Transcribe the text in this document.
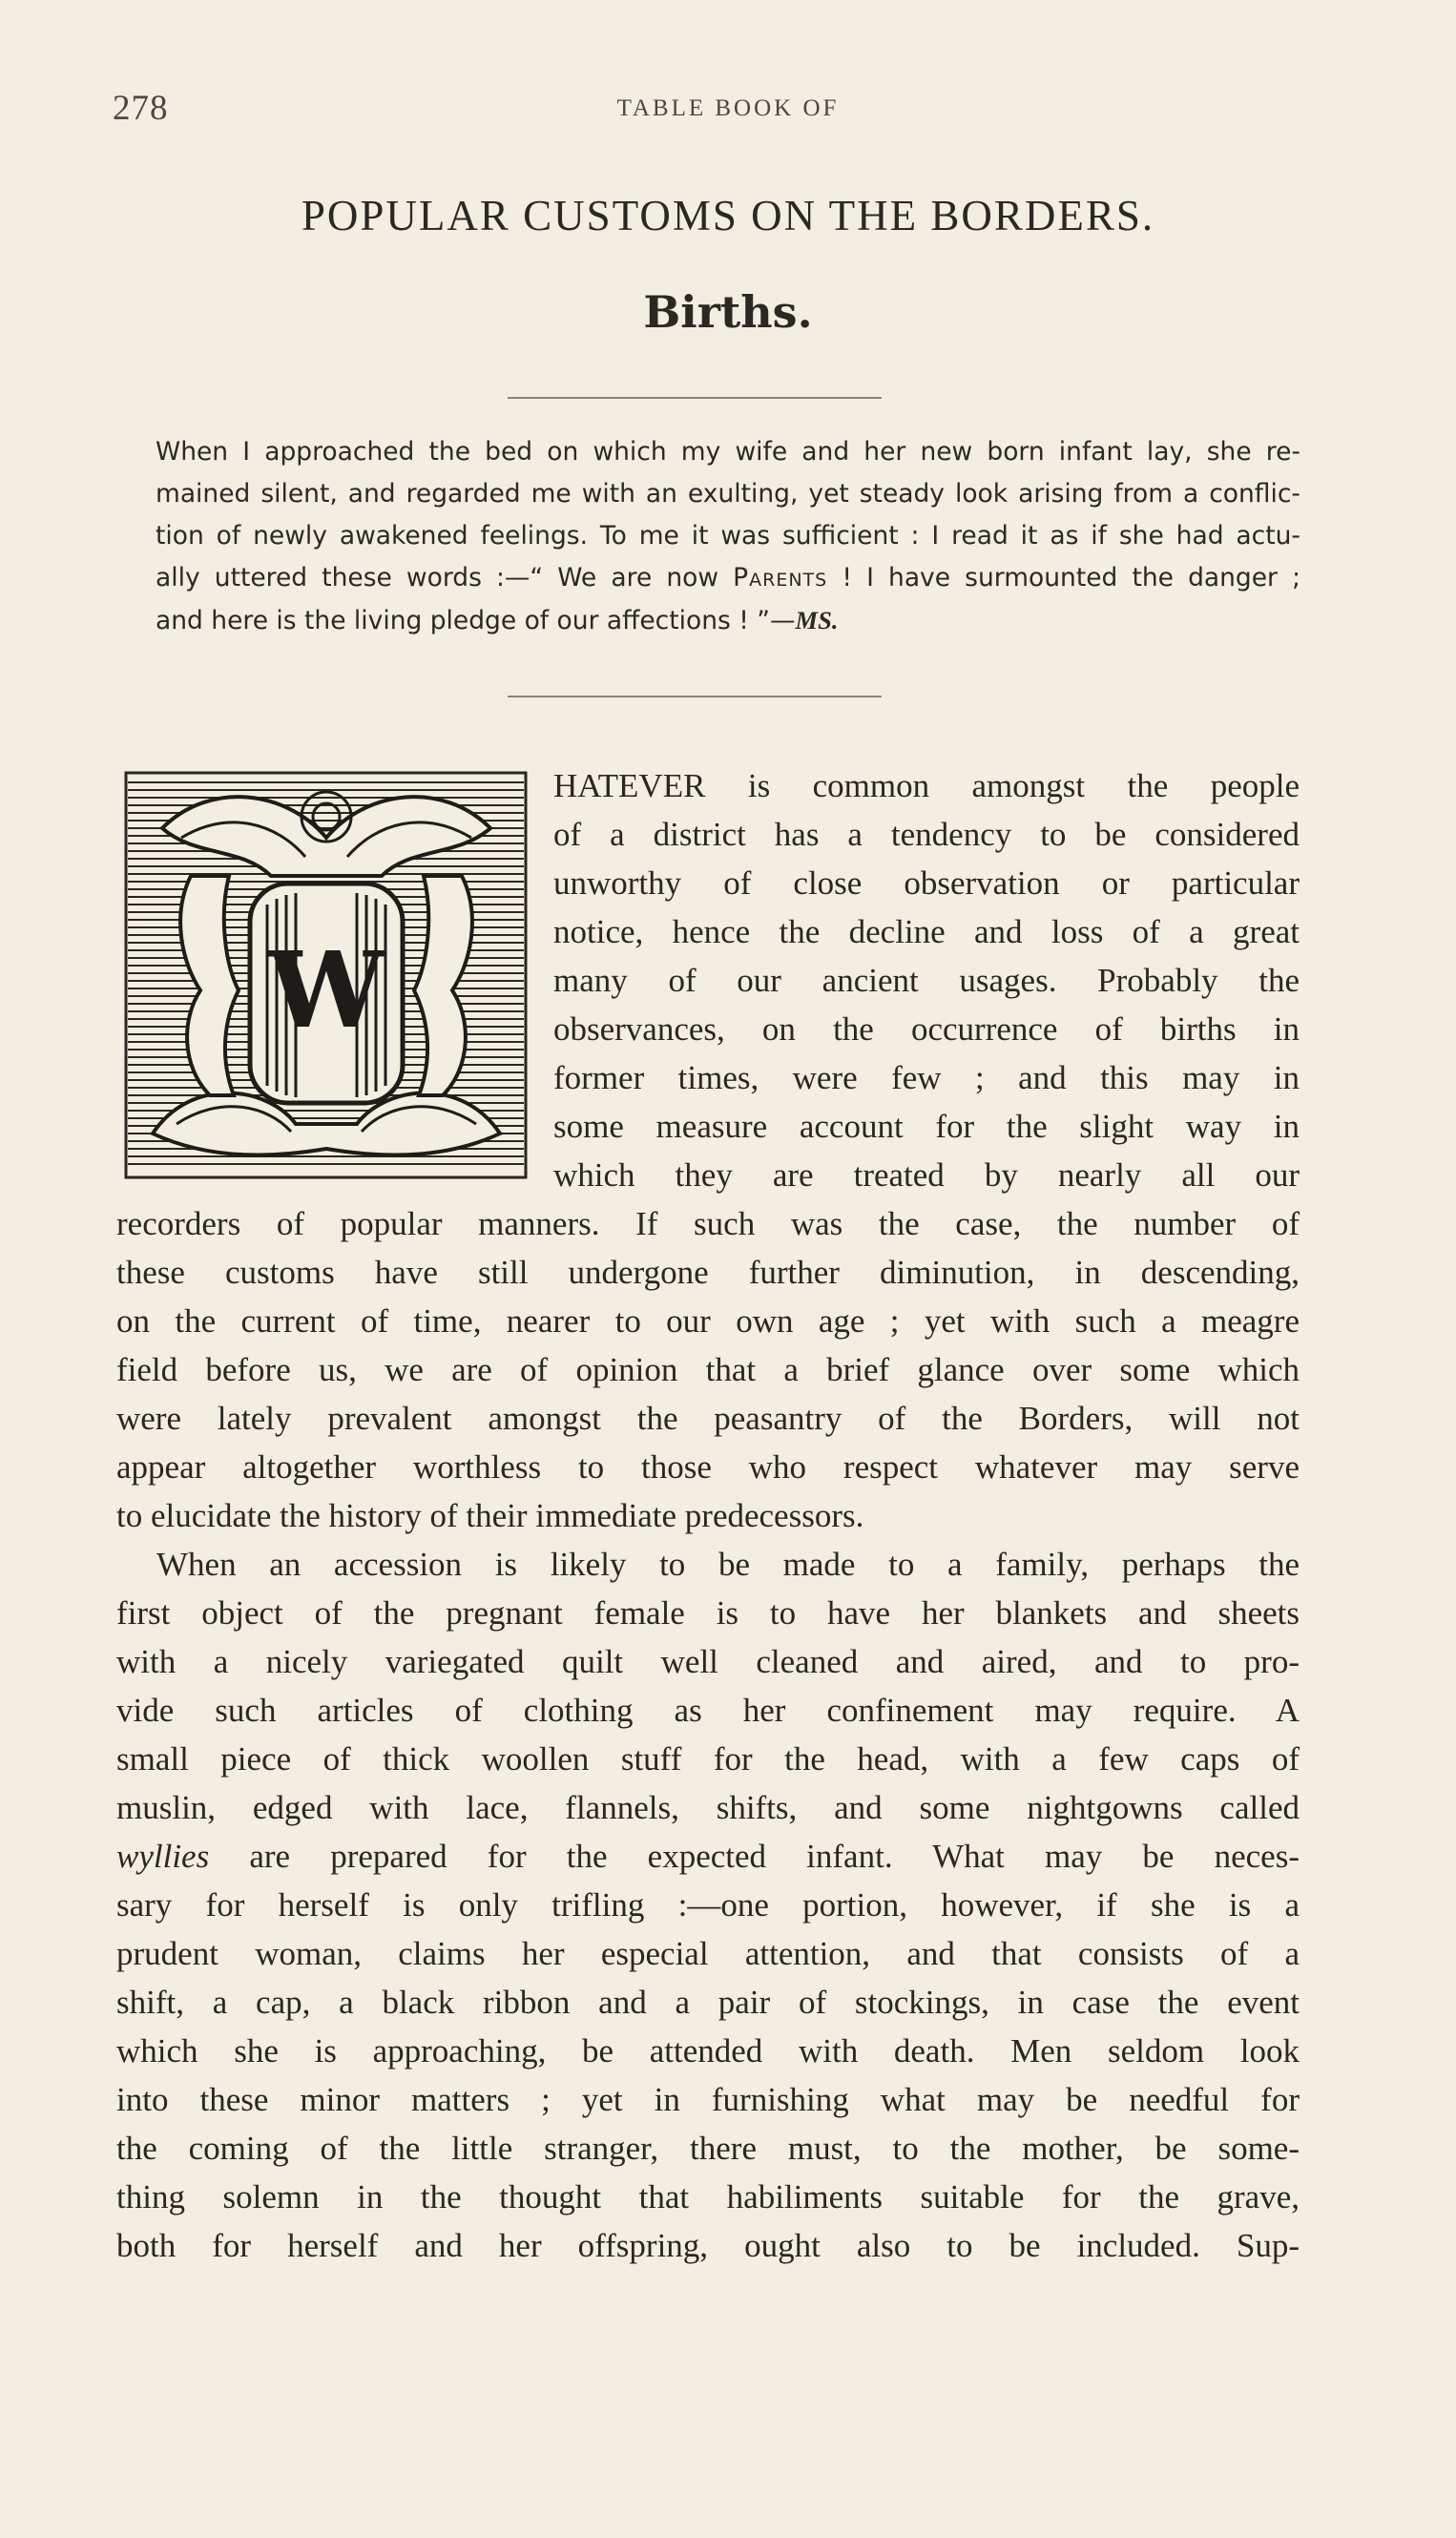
278	TABLE BOOK OF
POPULAR CUSTOMS ON THE BORDERS.
Births.
When I approached the bed on which my wife and her new born infant lay, she re-
mained silent, and regarded me with an exulting, yet steady look arising from a conflic-
tion of newly awakened feelings. To me it was sufficient : I read it as if she had actu-
ally uttered these words :—“ We are now Parents ! I have surmounted the danger ;
and here is the living pledge of our affections ! ”—MS.
W
HATEVER is common amongst the people
of a district has a tendency to be considered
unworthy of close observation or particular
notice, hence the decline and loss of a great
many of our ancient usages. Probably the
observances, on the occurrence of births in
former times, were few ; and this may in
some measure account for the slight way in
which they are treated by nearly all our
recorders of popular manners. If such was the case, the number of
these customs have still undergone further diminution, in descending,
on the current of time, nearer to our own age ; yet with such a meagre
field before us, we are of opinion that a brief glance over some which
were lately prevalent amongst the peasantry of the Borders, will not
appear altogether worthless to those who respect whatever may serve
to elucidate the history of their immediate predecessors.
When an accession is likely to be made to a family, perhaps the
first object of the pregnant female is to have her blankets and sheets
with a nicely variegated quilt well cleaned and aired, and to pro-
vide such articles of clothing as her confinement may require. A
small piece of thick woollen stuff for the head, with a few caps of
muslin, edged with lace, flannels, shifts, and some nightgowns called
wyllies are prepared for the expected infant. What may be neces-
sary for herself is only trifling :—one portion, however, if she is a
prudent woman, claims her especial attention, and that consists of a
shift, a cap, a black ribbon and a pair of stockings, in case the event
which she is approaching, be attended with death. Men seldom look
into these minor matters ; yet in furnishing what may be needful for
the coming of the little stranger, there must, to the mother, be some-
thing solemn in the thought that habiliments suitable for the grave,
both for herself and her offspring, ought also to be included. Sup-
